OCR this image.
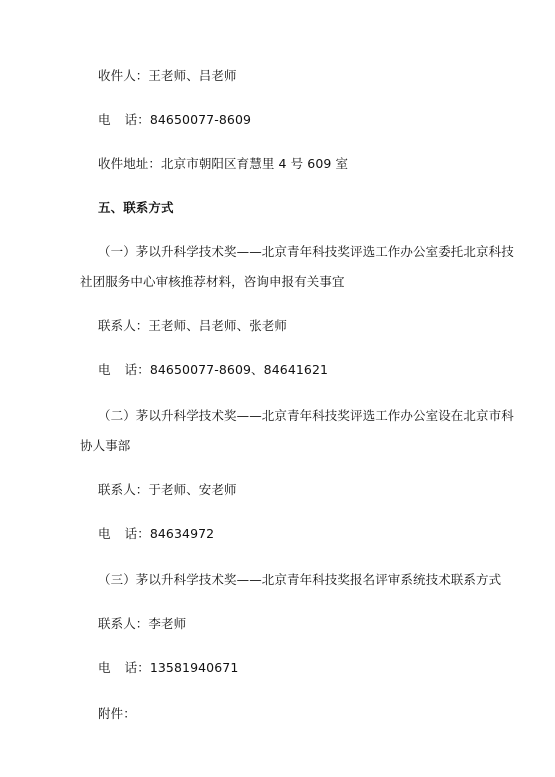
收件人：王老师、吕老师
电 话：84650077-8609
收件地址：北京市朝阳区育慧里 4 号 609 室
五、联系方式
（一）茅以升科学技术奖——北京青年科技奖评选工作办公室委托北京科技
社团服务中心审核推荐材料，咨询申报有关事宜
联系人：王老师、吕老师、张老师
电 话：84650077-8609、84641621
（二）茅以升科学技术奖——北京青年科技奖评选工作办公室设在北京市科
协人事部
联系人：于老师、安老师
电 话：84634972
（三）茅以升科学技术奖——北京青年科技奖报名评审系统技术联系方式
联系人：李老师
电 话：13581940671
附件：
